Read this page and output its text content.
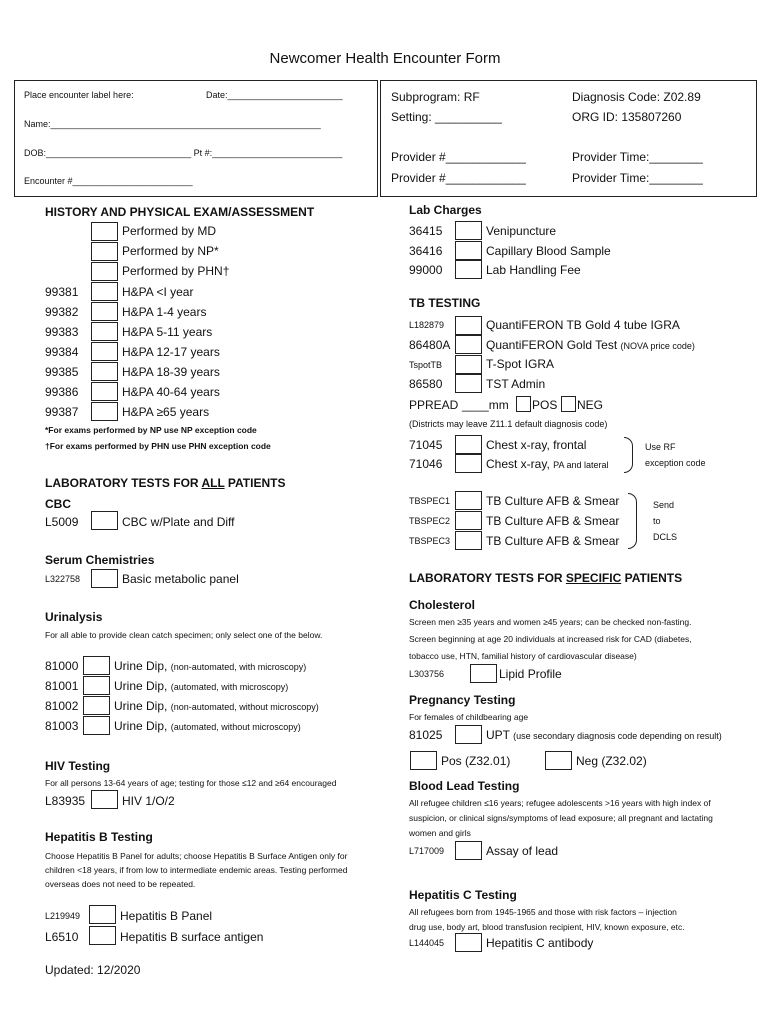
Newcomer Health Encounter Form
Place encounter label here:	Date:_______________________
Name:______________________________________________________
DOB:_____________________________ Pt #:__________________________
Encounter #________________________
Subprogram: RF
Setting: __________
Provider #____________
Provider #____________
Diagnosis Code: Z02.89
ORG ID: 135807260
Provider Time:________
Provider Time:________
HISTORY AND PHYSICAL EXAM/ASSESSMENT
Performed by MD
Performed by NP*
Performed by PHN†
99381	H&PA <I year
99382	H&PA 1-4 years
99383	H&PA 5-11 years
99384	H&PA 12-17 years
99385	H&PA 18-39 years
99386	H&PA 40-64 years
99387	H&PA ≥65 years
*For exams performed by NP use NP exception code
†For exams performed by PHN use PHN exception code
LABORATORY TESTS FOR ALL PATIENTS
CBC
L5009	CBC w/Plate and Diff
Serum Chemistries
L322758	Basic metabolic panel
Urinalysis
For all able to provide clean catch specimen; only select one of the below.
81000	Urine Dip, (non-automated, with microscopy)
81001	Urine Dip, (automated, with microscopy)
81002	Urine Dip, (non-automated, without microscopy)
81003	Urine Dip, (automated, without microscopy)
HIV Testing
For all persons 13-64 years of age; testing for those ≤12 and ≥64 encouraged
L83935	HIV 1/O/2
Hepatitis B Testing
Choose Hepatitis B Panel for adults; choose Hepatitis B Surface Antigen only for
children <18 years, if from low to intermediate endemic areas. Testing performed
overseas does not need to be repeated.
L219949	Hepatitis B Panel
L6510	Hepatitis B surface antigen
Updated: 12/2020
Lab Charges
36415	Venipuncture
36416	Capillary Blood Sample
99000	Lab Handling Fee
TB TESTING
L182879	QuantiFERON TB Gold 4 tube IGRA
86480A	QuantiFERON Gold Test (NOVA price code)
TspotTB	T-Spot IGRA
86580	TST Admin
PPREAD ____mm POS NEG
(Districts may leave Z11.1 default diagnosis code)
71045	Chest x-ray, frontal
71046	Chest x-ray, PA and lateral
Use RF
exception code
TBSPEC1	TB Culture AFB & Smear
TBSPEC2	TB Culture AFB & Smear
TBSPEC3	TB Culture AFB & Smear
Send
to
DCLS
LABORATORY TESTS FOR SPECIFIC PATIENTS
Cholesterol
Screen men ≥35 years and women ≥45 years; can be checked non-fasting.
Screen beginning at age 20 individuals at increased risk for CAD (diabetes,
tobacco use, HTN, familial history of cardiovascular disease)
L303756	Lipid Profile
Pregnancy Testing
For females of childbearing age
81025	UPT (use secondary diagnosis code depending on result)
Pos (Z32.01)	Neg (Z32.02)
Blood Lead Testing
All refugee children ≤16 years; refugee adolescents >16 years with high index of
suspicion, or clinical signs/symptoms of lead exposure; all pregnant and lactating
women and girls
L717009	Assay of lead
Hepatitis C Testing
All refugees born from 1945-1965 and those with risk factors – injection
drug use, body art, blood transfusion recipient, HIV, known exposure, etc.
L144045	Hepatitis C antibody
